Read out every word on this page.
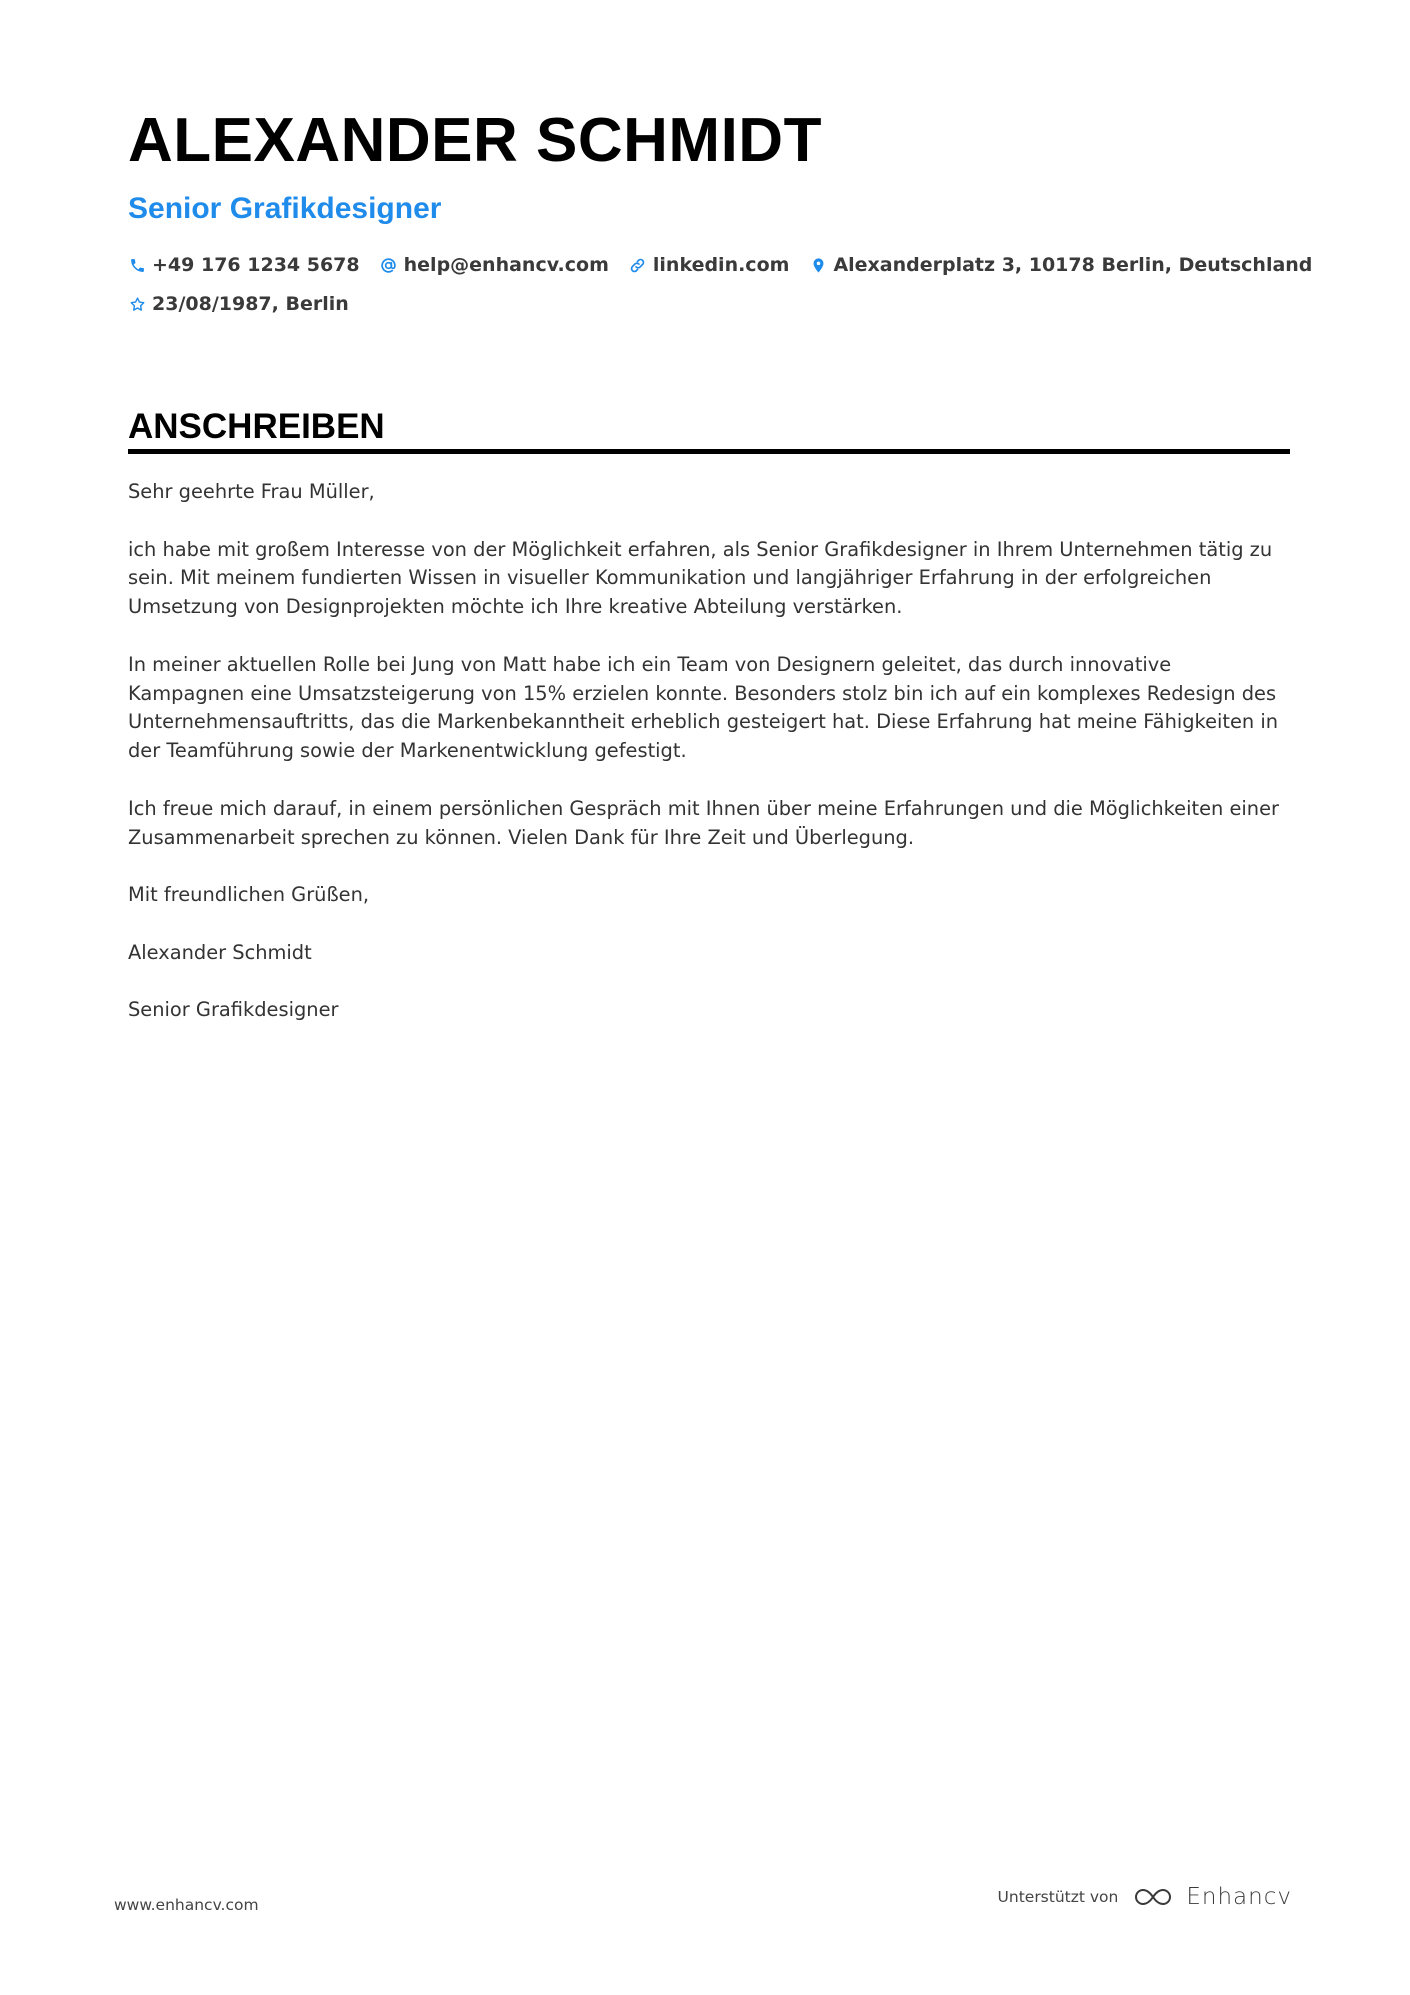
ALEXANDER SCHMIDT
Senior Grafikdesigner
+49 176 1234 5678 help@enhancv.com linkedin.com Alexanderplatz 3, 10178 Berlin, Deutschland
23/08/1987, Berlin
ANSCHREIBEN

Sehr geehrte Frau Müller,

ich habe mit großem Interesse von der Möglichkeit erfahren, als Senior Grafikdesigner in Ihrem Unternehmen tätig zu sein. Mit meinem fundierten Wissen in visueller Kommunikation und langjähriger Erfahrung in der erfolgreichen Umsetzung von Designprojekten möchte ich Ihre kreative Abteilung verstärken.

In meiner aktuellen Rolle bei Jung von Matt habe ich ein Team von Designern geleitet, das durch innovative Kampagnen eine Umsatzsteigerung von 15% erzielen konnte. Besonders stolz bin ich auf ein komplexes Redesign des Unternehmensauftritts, das die Markenbekanntheit erheblich gesteigert hat. Diese Erfahrung hat meine Fähigkeiten in der Teamführung sowie der Markenentwicklung gefestigt.

Ich freue mich darauf, in einem persönlichen Gespräch mit Ihnen über meine Erfahrungen und die Möglichkeiten einer Zusammenarbeit sprechen zu können. Vielen Dank für Ihre Zeit und Überlegung.

Mit freundlichen Grüßen,

Alexander Schmidt

Senior Grafikdesigner

www.enhancv.com	Unterstützt von	Enhancv
